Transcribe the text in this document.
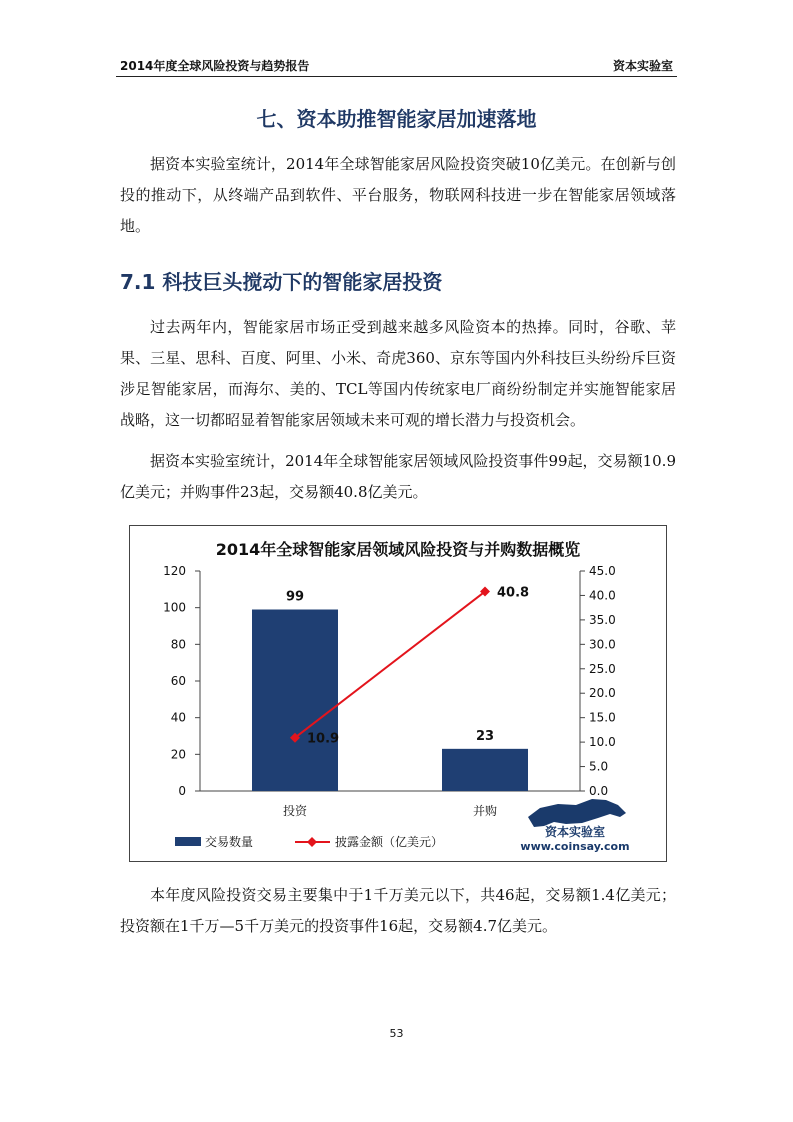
2014年度全球风险投资与趋势报告	资本实验室
七、资本助推智能家居加速落地
据资本实验室统计，2014年全球智能家居风险投资突破10亿美元。在创新与创投的推动下，从终端产品到软件、平台服务，物联网科技进一步在智能家居领域落地。
7.1 科技巨头搅动下的智能家居投资
过去两年内，智能家居市场正受到越来越多风险资本的热捧。同时，谷歌、苹果、三星、思科、百度、阿里、小米、奇虎360、京东等国内外科技巨头纷纷斥巨资涉足智能家居，而海尔、美的、TCL等国内传统家电厂商纷纷制定并实施智能家居战略，这一切都昭显着智能家居领域未来可观的增长潜力与投资机会。
据资本实验室统计，2014年全球智能家居领域风险投资事件99起，交易额10.9亿美元；并购事件23起，交易额40.8亿美元。
2014年全球智能家居领域风险投资与并购数据概览
0
20
40
60
80
100
120
0.0
5.0
10.0
15.0
20.0
25.0
30.0
35.0
40.0
45.0
投资	并购
99
23
10.9
40.8
交易数量	披露金额（亿美元）
资本实验室
www.coinsay.com
本年度风险投资交易主要集中于1千万美元以下，共46起，交易额1.4亿美元；投资额在1千万—5千万美元的投资事件16起，交易额4.7亿美元。
53
